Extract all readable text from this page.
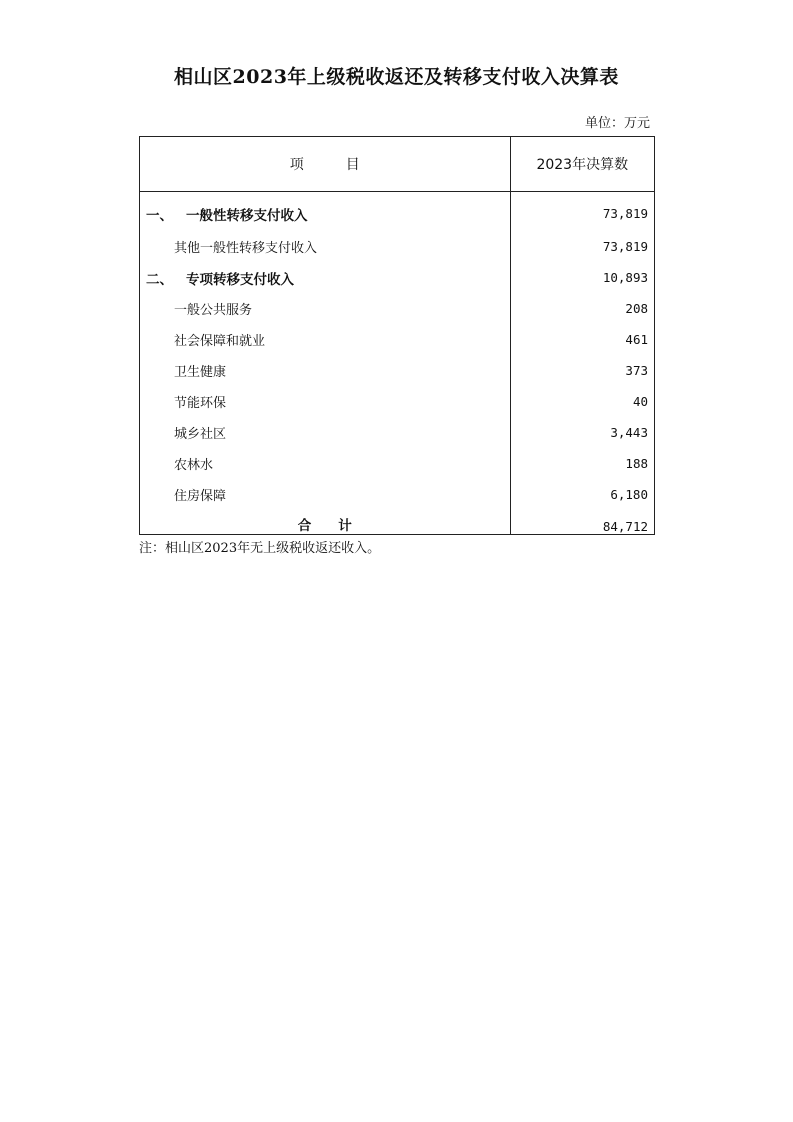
相山区2023年上级税收返还及转移支付收入决算表
单位：万元
项　　　目	2023年决算数
一、 一般性转移支付收入	73,819
其他一般性转移支付收入	73,819
二、 专项转移支付收入	10,893
一般公共服务	208
社会保障和就业	461
卫生健康	373
节能环保	40
城乡社区	3,443
农林水	188
住房保障	6,180
合　　计	84,712
注：相山区2023年无上级税收返还收入。
